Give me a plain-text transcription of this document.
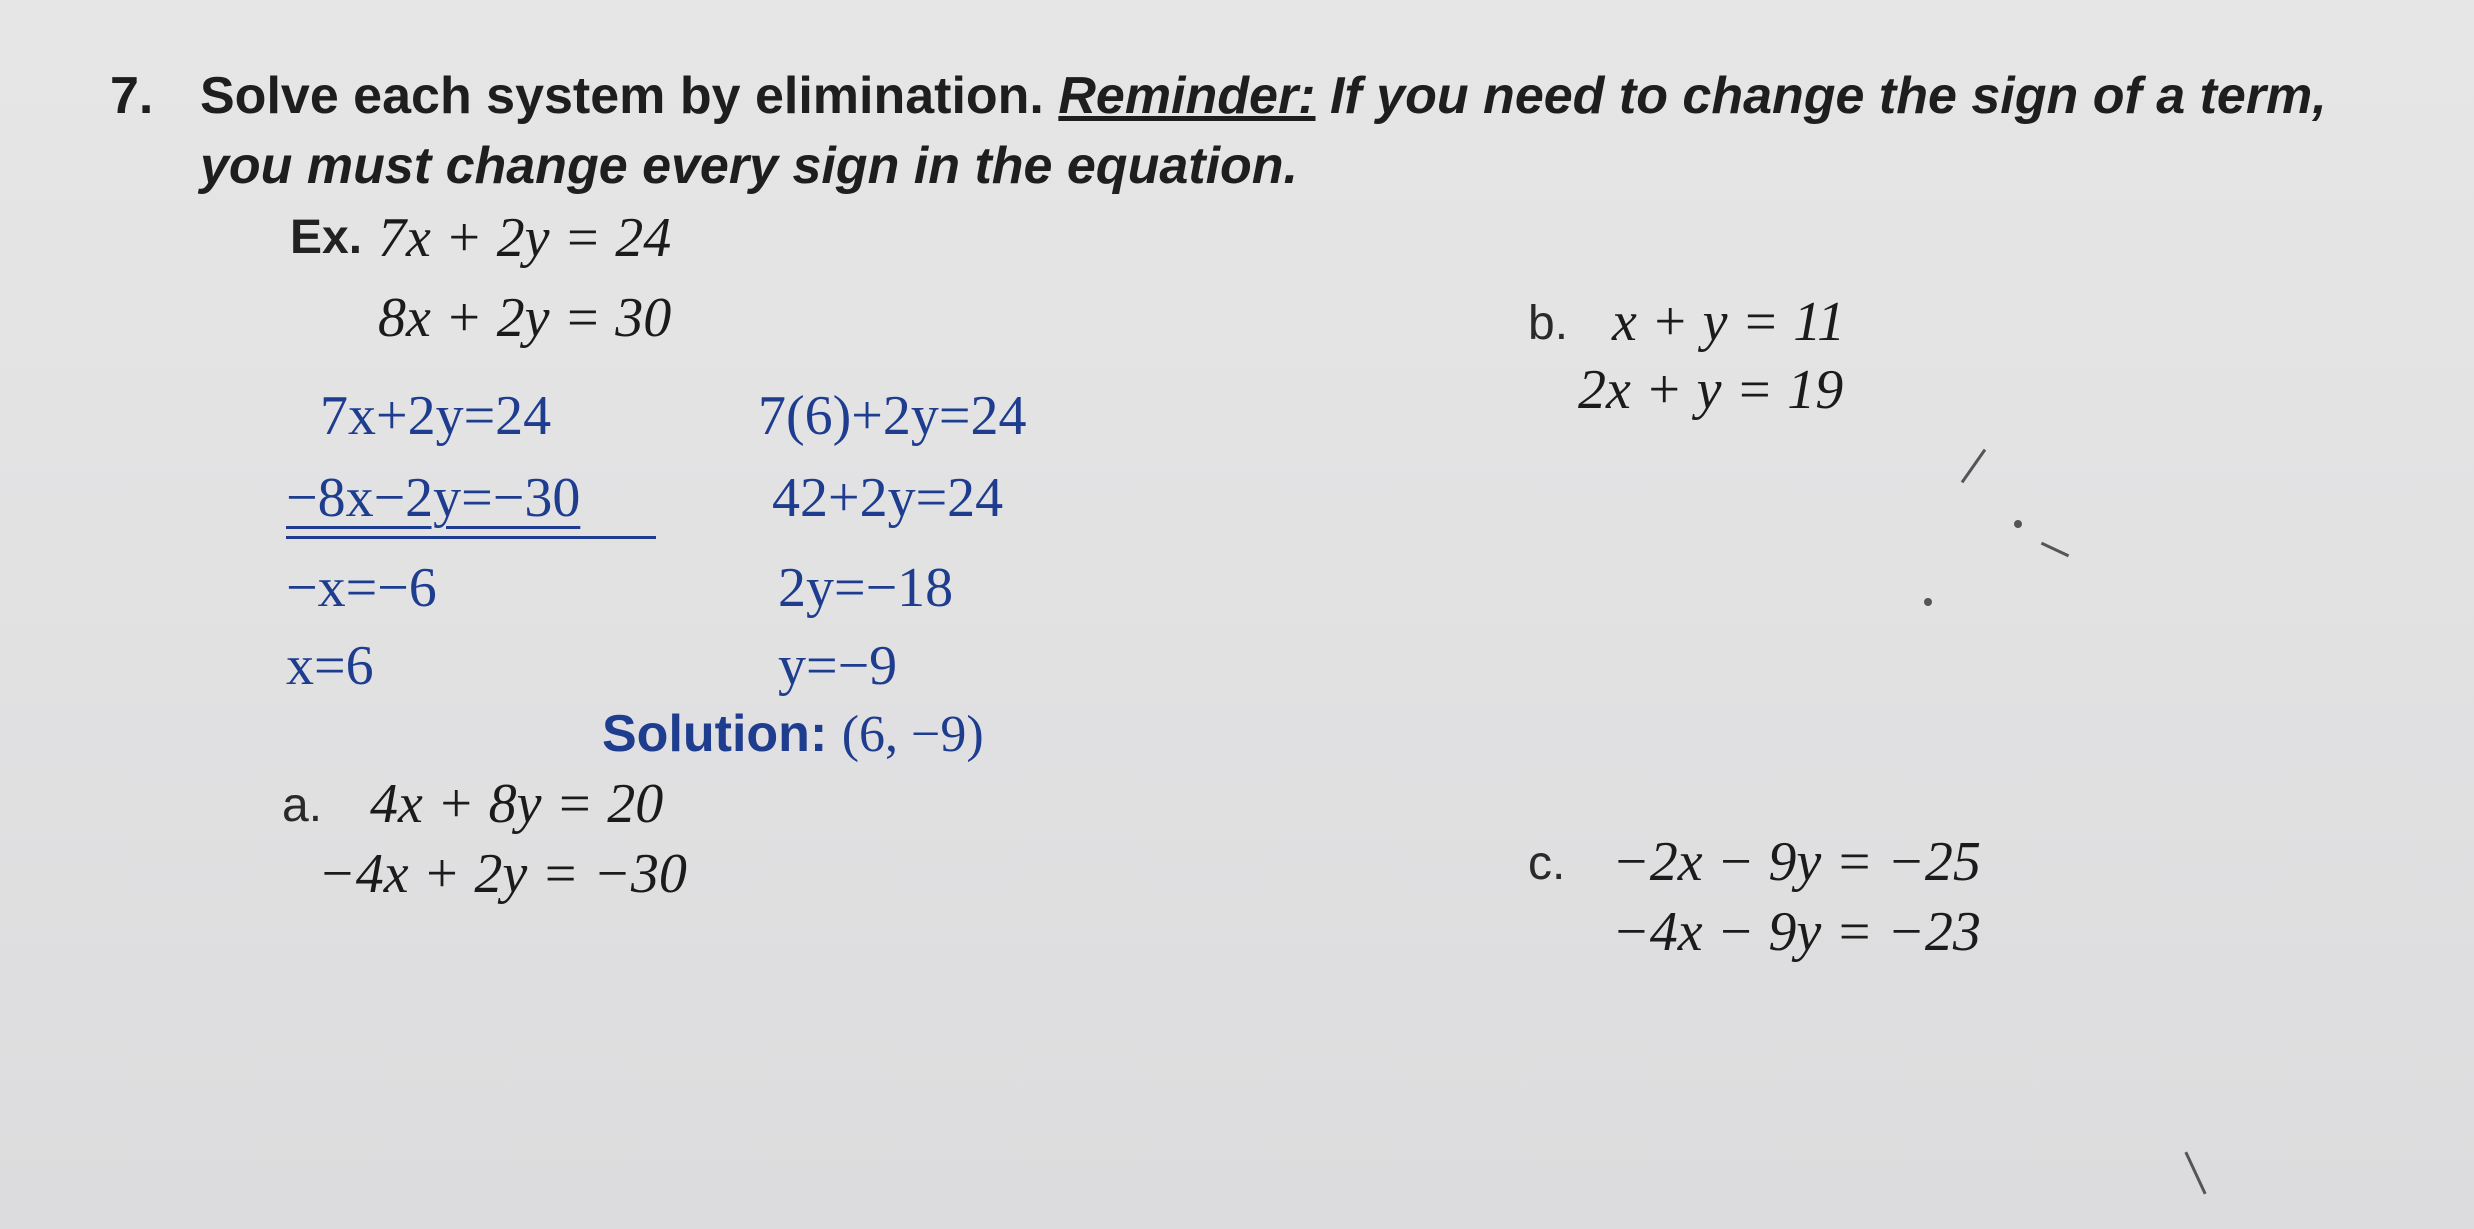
7. Solve each system by elimination. Reminder: If you need to change the sign of a term,
you must change every sign in the equation.
Ex. 7x + 2y = 24
8x + 2y = 30
7x+2y=24
−8x−2y=−30
−x=−6
x=6
7(6)+2y=24
42+2y=24
2y=−18
y=−9
Solution: (6, −9)
a. 4x + 8y = 20
−4x + 2y = −30
b. x + y = 11
2x + y = 19
c. −2x − 9y = −25
−4x − 9y = −23
